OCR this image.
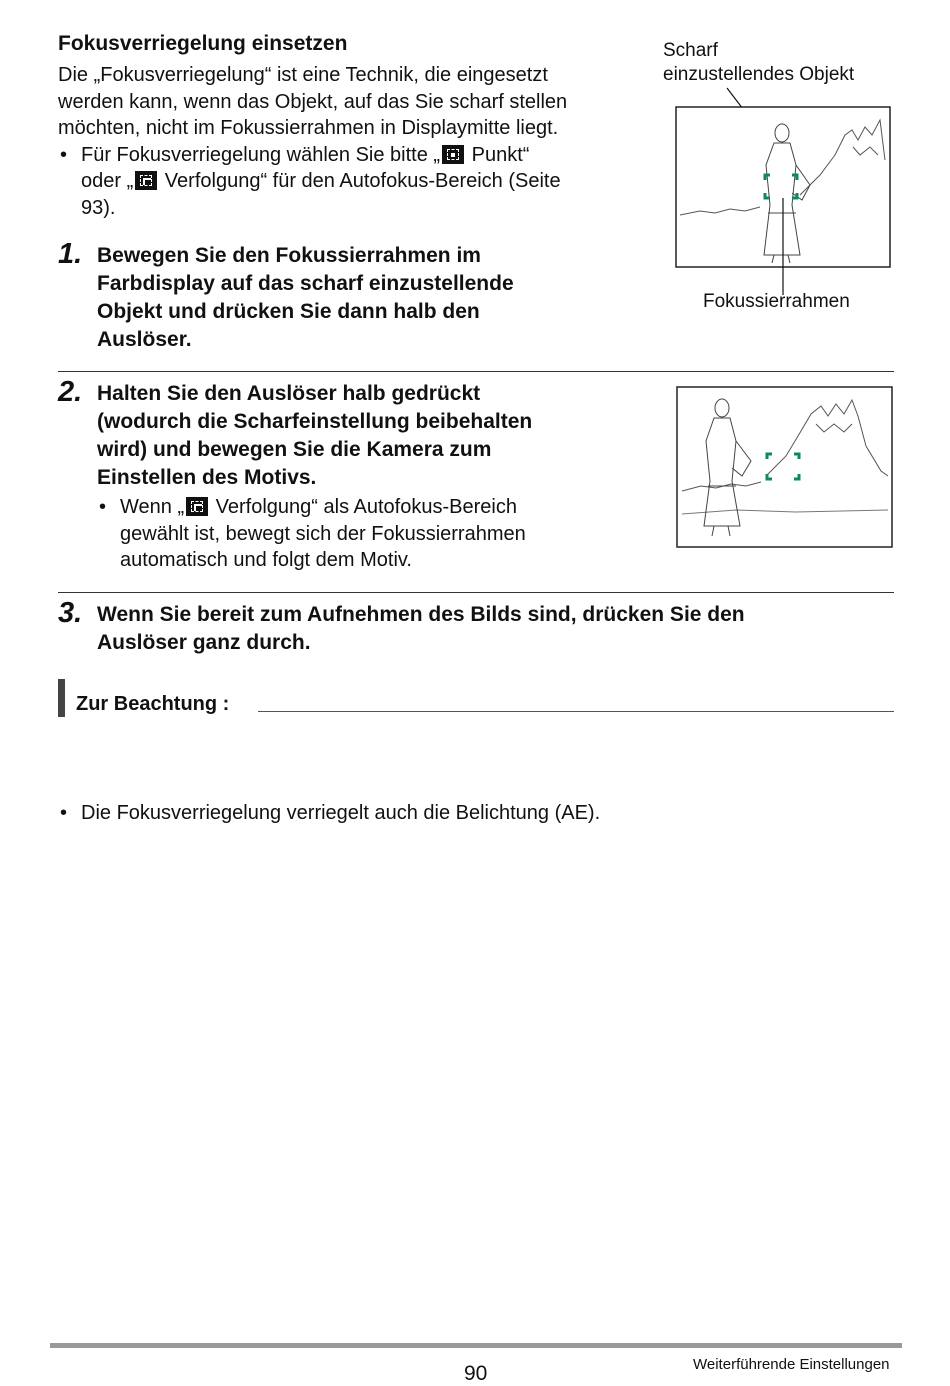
Fokusverriegelung einsetzen
Die „Fokusverriegelung“ ist eine Technik, die eingesetzt
werden kann, wenn das Objekt, auf das Sie scharf stellen
möchten, nicht im Fokussierrahmen in Displaymitte liegt.
• Für Fokusverriegelung wählen Sie bitte „ Punkt“
oder „ Verfolgung“ für den Autofokus-Bereich (Seite
93).
Scharf
einzustellendes Objekt
Fokussierrahmen
1. Bewegen Sie den Fokussierrahmen im
Farbdisplay auf das scharf einzustellende
Objekt und drücken Sie dann halb den
Auslöser.
2. Halten Sie den Auslöser halb gedrückt
(wodurch die Scharfeinstellung beibehalten
wird) und bewegen Sie die Kamera zum
Einstellen des Motivs.
• Wenn „ Verfolgung“ als Autofokus-Bereich
gewählt ist, bewegt sich der Fokussierrahmen
automatisch und folgt dem Motiv.
3. Wenn Sie bereit zum Aufnehmen des Bilds sind, drücken Sie den
Auslöser ganz durch.
Zur Beachtung :
• Die Fokusverriegelung verriegelt auch die Belichtung (AE).
90	Weiterführende Einstellungen
